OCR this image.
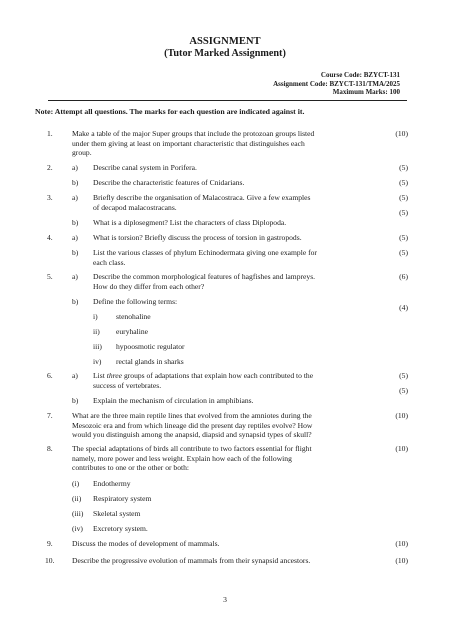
ASSIGNMENT
(Tutor Marked Assignment)
Course Code: BZYCT-131
Assignment Code: BZYCT-131/TMA/2025
Maximum Marks: 100
Note: Attempt all questions. The marks for each question are indicated against it.
1.	Make a table of the major Super groups that include the protozoan groups listed
under them giving at least on important characteristic that distinguishes each
group.
(10)
2.	a) Describe canal system in Porifera.	(5)
b) Describe the characteristic features of Cnidarians.	(5)
3.	a) Briefly describe the organisation of Malacostraca. Give a few examples
of decapod malacostracans.
(5)
b) What is a diplosegment? List the characters of class Diplopoda.
(5)
4.	a) What is torsion? Briefly discuss the process of torsion in gastropods.	(5)
b) List the various classes of phylum Echinodermata giving one example for
each class.
(5)
5.	a) Describe the common morphological features of hagfishes and lampreys.
How do they differ from each other?
(6)
b) Define the following terms:
(4)
i)	stenohaline
ii)	euryhaline
iii)	hypoosmotic regulator
iv)	rectal glands in sharks
6.	a) List three groups of adaptations that explain how each contributed to the
success of vertebrates.
(5)
b) Explain the mechanism of circulation in amphibians.
(5)
7.	What are the three main reptile lines that evolved from the amniotes during the
Mesozoic era and from which lineage did the present day reptiles evolve? How
would you distinguish among the anapsid, diapsid and synapsid types of skull?
(10)
8.	The special adaptations of birds all contribute to two factors essential for flight
namely, more power and less weight. Explain how each of the following
contributes to one or the other or both:
(10)
(i) Endothermy
(ii) Respiratory system
(iii) Skeletal system
(iv) Excretory system.
9.	Discuss the modes of development of mammals.	(10)
10.	Describe the progressive evolution of mammals from their synapsid ancestors.	(10)
3
